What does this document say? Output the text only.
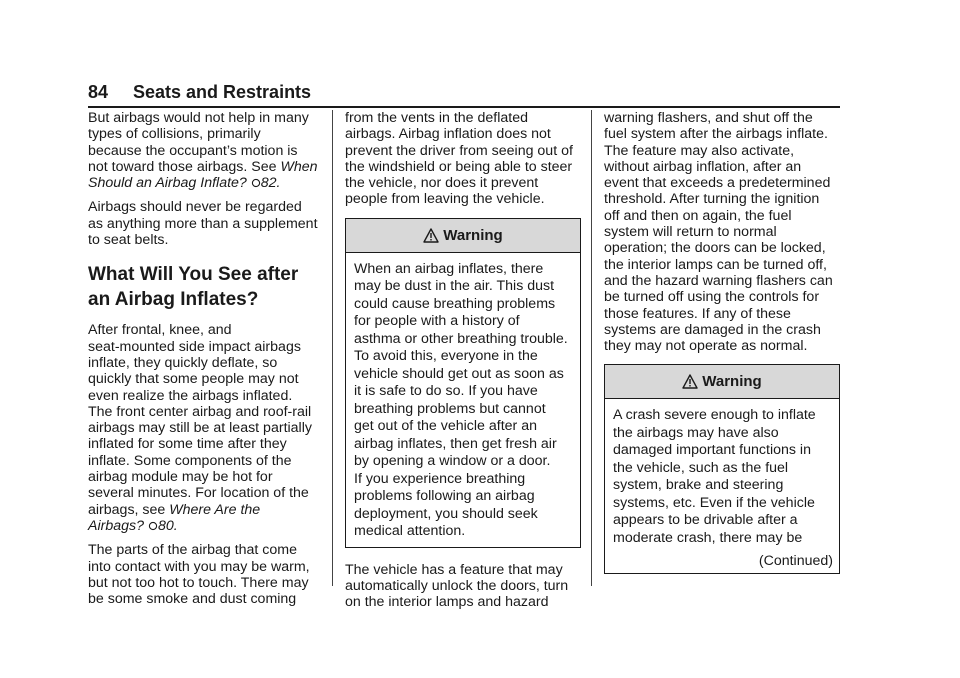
84 Seats and Restraints

But airbags would not help in many
types of collisions, primarily
because the occupant’s motion is
not toward those airbags. See When
Should an Airbag Inflate? 82.

Airbags should never be regarded
as anything more than a supplement
to seat belts.

What Will You See after
an Airbag Inflates?

After frontal, knee, and
seat-mounted side impact airbags
inflate, they quickly deflate, so
quickly that some people may not
even realize the airbags inflated.
The front center airbag and roof-rail
airbags may still be at least partially
inflated for some time after they
inflate. Some components of the
airbag module may be hot for
several minutes. For location of the
airbags, see Where Are the
Airbags? 80.

The parts of the airbag that come
into contact with you may be warm,
but not too hot to touch. There may
be some smoke and dust coming

from the vents in the deflated
airbags. Airbag inflation does not
prevent the driver from seeing out of
the windshield or being able to steer
the vehicle, nor does it prevent
people from leaving the vehicle.

Warning
When an airbag inflates, there
may be dust in the air. This dust
could cause breathing problems
for people with a history of
asthma or other breathing trouble.
To avoid this, everyone in the
vehicle should get out as soon as
it is safe to do so. If you have
breathing problems but cannot
get out of the vehicle after an
airbag inflates, then get fresh air
by opening a window or a door.
If you experience breathing
problems following an airbag
deployment, you should seek
medical attention.

The vehicle has a feature that may
automatically unlock the doors, turn
on the interior lamps and hazard

warning flashers, and shut off the
fuel system after the airbags inflate.
The feature may also activate,
without airbag inflation, after an
event that exceeds a predetermined
threshold. After turning the ignition
off and then on again, the fuel
system will return to normal
operation; the doors can be locked,
the interior lamps can be turned off,
and the hazard warning flashers can
be turned off using the controls for
those features. If any of these
systems are damaged in the crash
they may not operate as normal.

Warning
A crash severe enough to inflate
the airbags may have also
damaged important functions in
the vehicle, such as the fuel
system, brake and steering
systems, etc. Even if the vehicle
appears to be drivable after a
moderate crash, there may be
(Continued)
